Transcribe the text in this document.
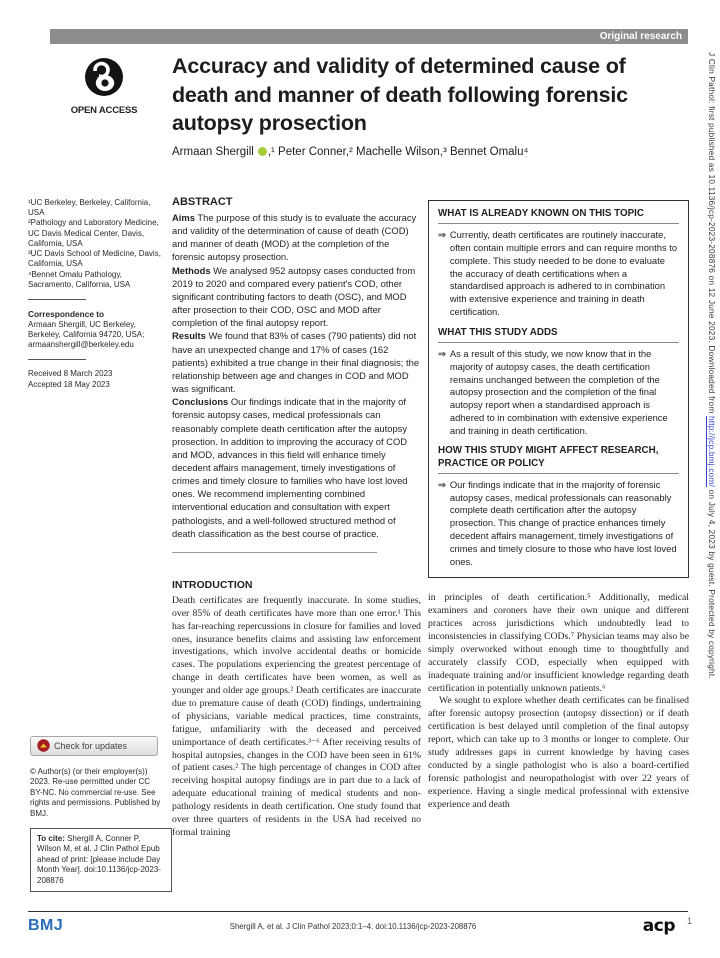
Original research
J Clin Pathol: first published as 10.1136/jcp-2023-208876 on 12 June 2023. Downloaded from http://jcp.bmj.com/ on July 4, 2023 by guest. Protected by copyright.
OPEN ACCESS
Accuracy and validity of determined cause of death and manner of death following forensic autopsy prosection
Armaan Shergill ,¹ Peter Conner,² Machelle Wilson,³ Bennet Omalu⁴

¹UC Berkeley, Berkeley, California, USA

²Pathology and Laboratory Medicine, UC Davis Medical Center, Davis, California, USA

³UC Davis School of Medicine, Davis, California, USA

⁴Bennet Omalu Pathology, Sacramento, California, USA

Correspondence to

Armaan Shergill, UC Berkeley, Berkeley, California 94720, USA; armaanshergill@berkeley.edu

Received 8 March 2023

Accepted 18 May 2023

Check for updates

© Author(s) (or their employer(s)) 2023. Re-use permitted under CC BY-NC. No commercial re-use. See rights and permissions. Published by BMJ.

To cite: Shergill A, Conner P, Wilson M, et al. J Clin Pathol Epub ahead of print: [please include Day Month Year]. doi:10.1136/jcp-2023-208876

ABSTRACT

Aims The purpose of this study is to evaluate the accuracy and validity of the determination of cause of death (COD) and manner of death (MOD) at the completion of the forensic autopsy prosection.

Methods We analysed 952 autopsy cases conducted from 2019 to 2020 and compared every patient's COD, other significant contributing factors to death (OSC), and MOD after prosection to their COD, OSC and MOD after completion of the final autopsy report.

Results We found that 83% of cases (790 patients) did not have an unexpected change and 17% of cases (162 patients) exhibited a true change in their final diagnosis; the relationship between age and changes in COD and MOD was significant.

Conclusions Our findings indicate that in the majority of forensic autopsy cases, medical professionals can reasonably complete death certification after the autopsy prosection. In addition to improving the accuracy of COD and MOD, advances in this field will enhance timely decedent affairs management, timely investigations of crimes and timely closure to families who have lost loved ones. We recommend implementing combined interventional education and consultation with expert pathologists, and a well-followed structured method of death classification as the best course of practice.

INTRODUCTION

Death certificates are frequently inaccurate. In some studies, over 85% of death certificates have more than one error.¹ This has far-reaching repercussions in closure for families and loved ones, insurance benefits claims and assisting law enforcement investigations, which involve accidental deaths or homicide cases. The populations experiencing the greatest percentage of change in death certificates have been women, as well as younger and older age groups.² Death certificates are inaccurate due to premature cause of death (COD) findings, undertraining of physicians, variable medical practices, time constraints, fatigue, unfamiliarity with the deceased and perceived unimportance of death certificates.³⁻⁶ After receiving results of hospital autopsies, changes in the COD have been seen in 61% of patient cases.² The high percentage of changes in COD after receiving hospital autopsy findings are in part due to a lack of adequate educational training of medical students and non-pathology residents in death certification. One study found that over three quarters of residents in the USA had received no formal training

WHAT IS ALREADY KNOWN ON THIS TOPIC
⇒ Currently, death certificates are routinely inaccurate, often contain multiple errors and can require months to complete. This study needed to be done to evaluate the accuracy of death certifications when a standardised approach is adhered to in combination with extensive experience and training in death certification.
WHAT THIS STUDY ADDS
⇒ As a result of this study, we now know that in the majority of autopsy cases, the death certification remains unchanged between the completion of the autopsy prosection and the completion of the final autopsy report when a standardised approach is adhered to in combination with extensive experience and training in death certification.
HOW THIS STUDY MIGHT AFFECT RESEARCH, PRACTICE OR POLICY
⇒ Our findings indicate that in the majority of forensic autopsy cases, medical professionals can reasonably complete death certification after the autopsy prosection. This change of practice enhances timely decedent affairs management, timely investigations of crimes and timely closure to those who have lost loved ones.

in principles of death certification.⁵ Additionally, medical examiners and coroners have their own unique and different practices across jurisdictions which undoubtedly lead to inconsistencies in classifying CODs.⁷ Physician teams may also be simply overworked without enough time to thoughtfully and accurately classify COD, especially when equipped with inadequate training and/or insufficient knowledge regarding death certification in potentially unknown patients.⁶

We sought to explore whether death certificates can be finalised after forensic autopsy prosection (autopsy dissection) or if death certification is best delayed until completion of the final autopsy report, which can take up to 3 months or longer to complete. Our study addresses gaps in current knowledge by having cases conducted by a single pathologist who is also a board-certified forensic pathologist and neuropathologist with over 22 years of experience. Having a single medical professional with extensive experience and death

BMJ	Shergill A, et al. J Clin Pathol 2023;0:1–4. doi:10.1136/jcp-2023-208876	acp 1
